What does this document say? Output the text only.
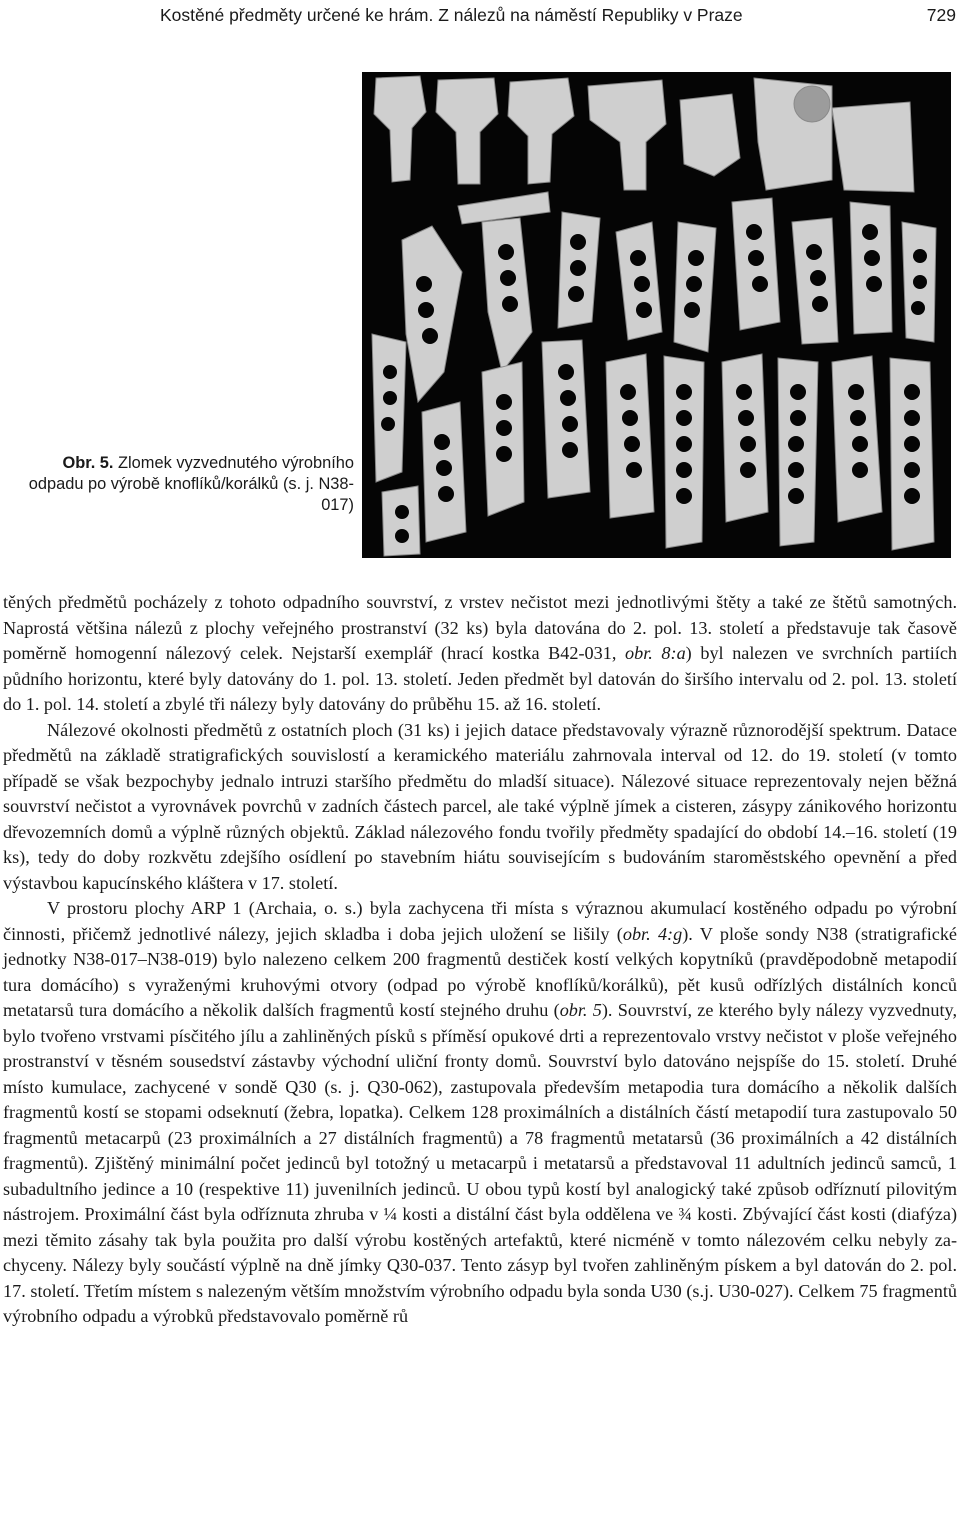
Kostěné předměty určené ke hrám. Z nálezů na náměstí Republiky v Praze	729
Obr. 5. Zlomek vyzvednutého výrobního odpadu po výrobě knoflíků/korálků (s. j. N38-017)

těných předmětů pocházely z tohoto odpadního souvrství, z vrstev nečistot mezi jednotlivými štěty a také ze štětů samotných. Naprostá většina nálezů z plochy veřejného prostranství (32 ks) byla datována do 2. pol. 13. století a představuje tak časově poměrně homogenní nálezový celek. Nejstarší exemplář (hrací kostka B42-031, obr. 8:a) byl nalezen ve svrchních partiích půdního horizontu, které byly datovány do 1. pol. 13. století. Jeden předmět byl datován do širšího intervalu od 2. pol. 13. století do 1. pol. 14. století a zbylé tři nálezy byly datovány do průběhu 15. až 16. století.

Nálezové okolnosti předmětů z ostatních ploch (31 ks) i jejich datace představovaly výrazně různorodější spektrum. Datace předmětů na základě stratigrafických souvislostí a keramického materiálu zahrnovala interval od 12. do 19. století (v tomto případě se však bezpochyby jednalo intruzi staršího předmětu do mladší situace). Nálezové situace reprezentovaly nejen běžná souvrství nečistot a vyrovnávek povrchů v zadních částech parcel, ale také výplně jímek a cisteren, zásypy zánikového horizontu dřevozemních domů a výplně různých objektů. Základ nálezového fondu tvořily předměty spadající do období 14.–16. století (19 ks), tedy do doby rozkvětu zdejšího osídlení po stavebním hiátu souvisejícím s budováním staroměstského opevnění a před výstavbou kapucínského kláštera v 17. století.

V prostoru plochy ARP 1 (Archaia, o. s.) byla zachycena tři místa s výraznou akumulací kostěného odpadu po výrobní činnosti, přičemž jednotlivé nálezy, jejich skladba i doba jejich uložení se lišily (obr. 4:g). V ploše sondy N38 (stratigrafické jednotky N38-017–N38-019) bylo nalezeno celkem 200 fragmentů destiček kostí velkých kopytníků (pravděpodobně metapodií tura domácího) s vyraženými kruhovými otvory (odpad po výrobě knoflíků/korálků), pět kusů odřízlých distálních konců metatarsů tura domácího a několik dalších fragmentů kostí stejného druhu (obr. 5). Souvrství, ze kterého byly nálezy vyzvednuty, bylo tvořeno vrstvami písčitého jílu a zahliněných písků s příměsí opukové drti a reprezentovalo vrstvy nečistot v ploše veřejného prostranství v těsném sousedství zástavby východní uliční fronty domů. Souvrství bylo datováno nejspíše do 15. století. Druhé místo kumulace, zachycené v sondě Q30 (s. j. Q30-062), zastupovala především metapodia tura domácího a několik dalších fragmentů kostí se stopami odseknutí (žebra, lopatka). Celkem 128 proximálních a distálních částí metapodií tura zastupovalo 50 fragmentů metacarpů (23 proximálních a 27 distálních fragmentů) a 78 fragmentů metatarsů (36 proximálních a 42 distálních fragmentů). Zjištěný minimální počet jedinců byl totožný u metacarpů i metatarsů a představoval 11 adultních jedinců samců, 1 subadultního jedince a 10 (respektive 11) juvenilních jedinců. U obou typů kostí byl analogický také způsob odříznutí pilovitým nástrojem. Proximální část byla odříznuta zhruba v ¼ kosti a distální část byla oddělena ve ¾ kosti. Zbývající část kosti (diafýza) mezi těmito zásahy tak byla použita pro další výrobu kostěných artefaktů, které nicméně v tomto nálezovém celku nebyly zachyceny. Nálezy byly součástí výplně na dně jímky Q30-037. Tento zásyp byl tvořen zahliněným pískem a byl datován do 2. pol. 17. století. Třetím místem s nalezeným větším množstvím výrobního odpadu byla sonda U30 (s.j. U30-027). Celkem 75 fragmentů výrobního odpadu a výrobků představovalo poměrně rů
